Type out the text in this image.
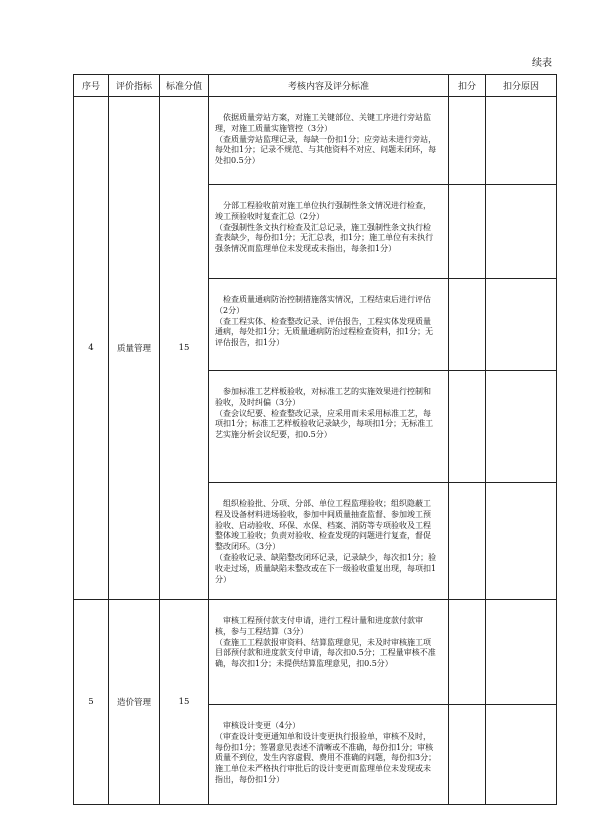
续表
序号	评价指标	标准分值	考核内容及评分标准	扣分	扣分原因
4	质量管理	15	依据质量旁站方案，对施工关键部位、关键工序进行旁站监理，对施工质量实施管控（3分）
（查质量旁站监理记录，每缺一份扣1分；应旁站未进行旁站，每处扣1分；记录不规范、与其他资料不对应、问题未闭环，每处扣0.5分）		

			分部工程验收前对施工单位执行强制性条文情况进行检查，竣工预验收时复查汇总（2分）
（查强制性条文执行检查及汇总记录，施工强制性条文执行检查表缺少，每份扣1分；无汇总表，扣1分；施工单位有未执行强条情况而监理单位未发现或未指出，每条扣1分）		

			检查质量通病防治控制措施落实情况，工程结束后进行评估（2分）
（查工程实体、检查整改记录、评估报告，工程实体发现质量通病，每处扣1分；无质量通病防治过程检查资料，扣1分；无评估报告，扣1分）		

			参加标准工艺样板验收，对标准工艺的实施效果进行控制和验收，及时纠偏（3分）
（查会议纪要、检查整改记录，应采用而未采用标准工艺，每项扣1分；标准工艺样板验收记录缺少，每项扣1分；无标准工艺实施分析会议纪要，扣0.5分）		

			组织检验批、分项、分部、单位工程监理验收；组织隐蔽工程及设备材料进场验收，参加中间质量抽查监督、参加竣工预验收、启动验收、环保、水保、档案、消防等专项验收及工程整体竣工验收；负责对验收、检查发现的问题进行复查，督促整改闭环。（3分）
（查验收记录、缺陷整改闭环记录，记录缺少，每次扣1分；验收走过场，质量缺陷未整改或在下一级验收重复出现，每项扣1分）		

5	造价管理	15	审核工程预付款支付申请，进行工程计量和进度款付款审核，参与工程结算（3分）
（查施工工程款报审资料、结算监理意见，未及时审核施工项目部预付款和进度款支付申请，每次扣0.5分；工程量审核不准确，每次扣1分；未提供结算监理意见，扣0.5分）		

			审核设计变更（4分）
（审查设计变更通知单和设计变更执行报验单，审核不及时，每份扣1分；签署意见表述不清晰或不准确，每份扣1分；审核质量不到位，发生内容虚假、费用不准确的问题，每份扣3分；施工单位未严格执行审批后的设计变更而监理单位未发现或未指出，每份扣1分）		
